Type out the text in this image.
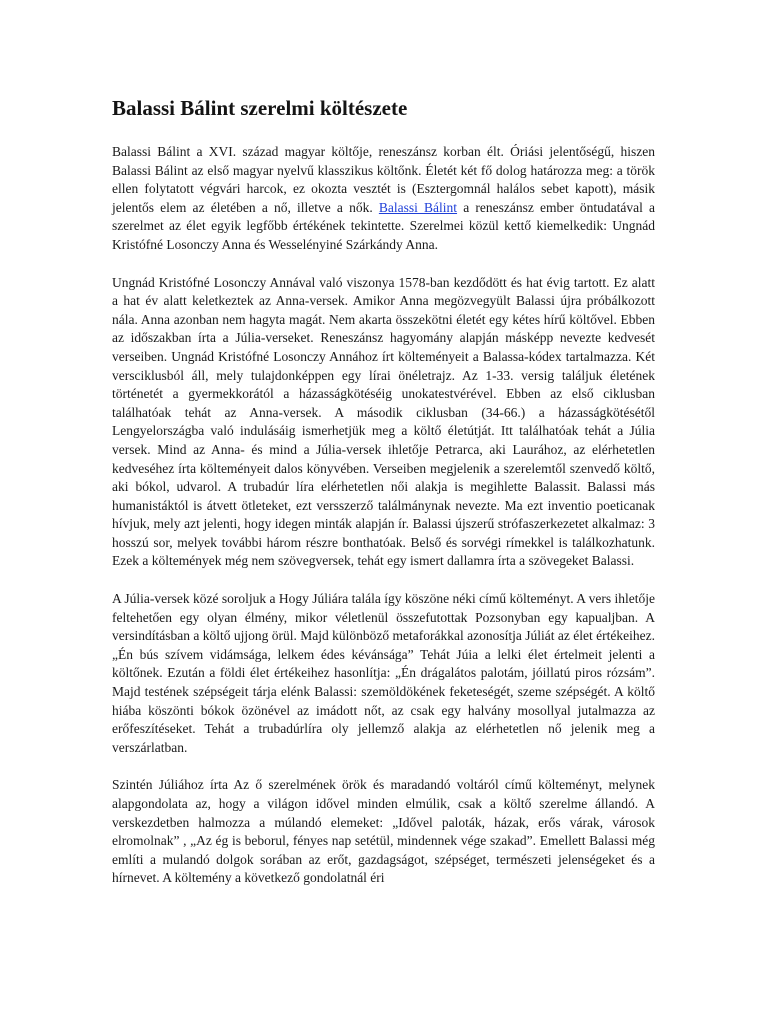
Balassi Bálint szerelmi költészete

Balassi Bálint a XVI. század magyar költője, reneszánsz korban élt. Óriási jelentőségű, hiszen Balassi Bálint az első magyar nyelvű klasszikus költőnk. Életét két fő dolog határozza meg: a török ellen folytatott végvári harcok, ez okozta vesztét is (Esztergomnál halálos sebet kapott), másik jelentős elem az életében a nő, illetve a nők. Balassi Bálint a reneszánsz ember öntudatával a szerelmet az élet egyik legfőbb értékének tekintette. Szerelmei közül kettő kiemelkedik: Ungnád Kristófné Losonczy Anna és Wesselényiné Szárkándy Anna.

Ungnád Kristófné Losonczy Annával való viszonya 1578-ban kezdődött és hat évig tartott. Ez alatt a hat év alatt keletkeztek az Anna-versek. Amikor Anna megözvegyült Balassi újra próbálkozott nála. Anna azonban nem hagyta magát. Nem akarta összekötni életét egy kétes hírű költővel. Ebben az időszakban írta a Júlia-verseket. Reneszánsz hagyomány alapján másképp nevezte kedvesét verseiben. Ungnád Kristófné Losonczy Annához írt költeményeit a Balassa-kódex tartalmazza. Két versciklusból áll, mely tulajdonképpen egy lírai önéletrajz. Az 1-33. versig találjuk életének történetét a gyermekkorától a házasságkötéséig unokatestvérével. Ebben az első ciklusban találhatóak tehát az Anna-versek. A második ciklusban (34-66.) a házasságkötésétől Lengyelországba való indulásáig ismerhetjük meg a költő életútját. Itt találhatóak tehát a Júlia versek. Mind az Anna- és mind a Júlia-versek ihletője Petrarca, aki Laurához, az elérhetetlen kedveséhez írta költeményeit dalos könyvében. Verseiben megjelenik a szerelemtől szenvedő költő, aki bókol, udvarol. A trubadúr líra elérhetetlen női alakja is megihlette Balassit. Balassi más humanistáktól is átvett ötleteket, ezt versszerző találmánynak nevezte. Ma ezt inventio poeticanak hívjuk, mely azt jelenti, hogy idegen minták alapján ír. Balassi újszerű strófaszerkezetet alkalmaz: 3 hosszú sor, melyek további három részre bonthatóak. Belső és sorvégi rímekkel is találkozhatunk. Ezek a költemények még nem szövegversek, tehát egy ismert dallamra írta a szövegeket Balassi.

A Júlia-versek közé soroljuk a Hogy Júliára talála így köszöne néki című költeményt. A vers ihletője feltehetően egy olyan élmény, mikor véletlenül összefutottak Pozsonyban egy kapualjban. A versindításban a költő ujjong örül. Majd különböző metaforákkal azonosítja Júliát az élet értékeihez. „Én bús szívem vidámsága, lelkem édes kévánsága” Tehát Júia a lelki élet értelmeit jelenti a költőnek. Ezután a földi élet értékeihez hasonlítja: „Én drágalátos palotám, jóillatú piros rózsám”. Majd testének szépségeit tárja elénk Balassi: szemöldökének feketeségét, szeme szépségét. A költő hiába köszönti bókok özönével az imádott nőt, az csak egy halvány mosollyal jutalmazza az erőfeszítéseket. Tehát a trubadúrlíra oly jellemző alakja az elérhetetlen nő jelenik meg a verszárlatban.

Szintén Júliához írta Az ő szerelmének örök és maradandó voltáról című költeményt, melynek alapgondolata az, hogy a világon idővel minden elmúlik, csak a költő szerelme állandó. A verskezdetben halmozza a múlandó elemeket: „Idővel paloták, házak, erős várak, városok elromolnak” , „Az ég is beborul, fényes nap setétül, mindennek vége szakad”. Emellett Balassi még említi a mulandó dolgok sorában az erőt, gazdagságot, szépséget, természeti jelenségeket és a hírnevet. A költemény a következő gondolatnál éri
